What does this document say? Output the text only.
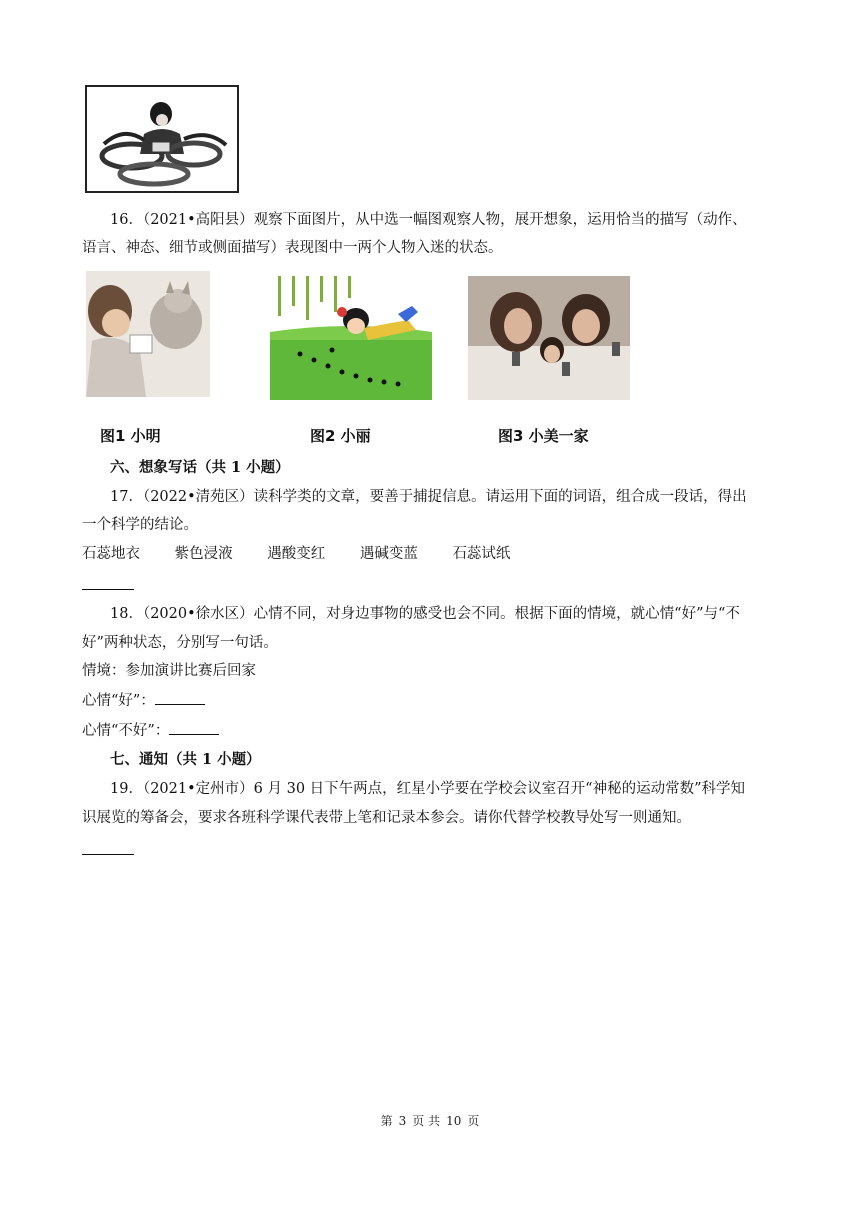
16．（2021•高阳县）观察下面图片，从中选一幅图观察人物，展开想象，运用恰当的描写（动作、
语言、神态、细节或侧面描写）表现图中一两个人物入迷的状态。
图1 小明	图2 小丽	图3 小美一家
六、想象写话（共 1 小题）
17．（2022•清苑区）读科学类的文章，要善于捕捉信息。请运用下面的词语，组合成一段话，得出
一个科学的结论。
石蕊地衣 紫色浸液 遇酸变红 遇碱变蓝 石蕊试纸
18．（2020•徐水区）心情不同，对身边事物的感受也会不同。根据下面的情境，就心情“好”与“不
好”两种状态，分别写一句话。
情境：参加演讲比赛后回家
心情“好”：
心情“不好”：
七、通知（共 1 小题）
19．（2021•定州市）6 月 30 日下午两点，红星小学要在学校会议室召开“神秘的运动常数”科学知
识展览的筹备会，要求各班科学课代表带上笔和记录本参会。请你代替学校教导处写一则通知。
第 3 页 共 10 页
